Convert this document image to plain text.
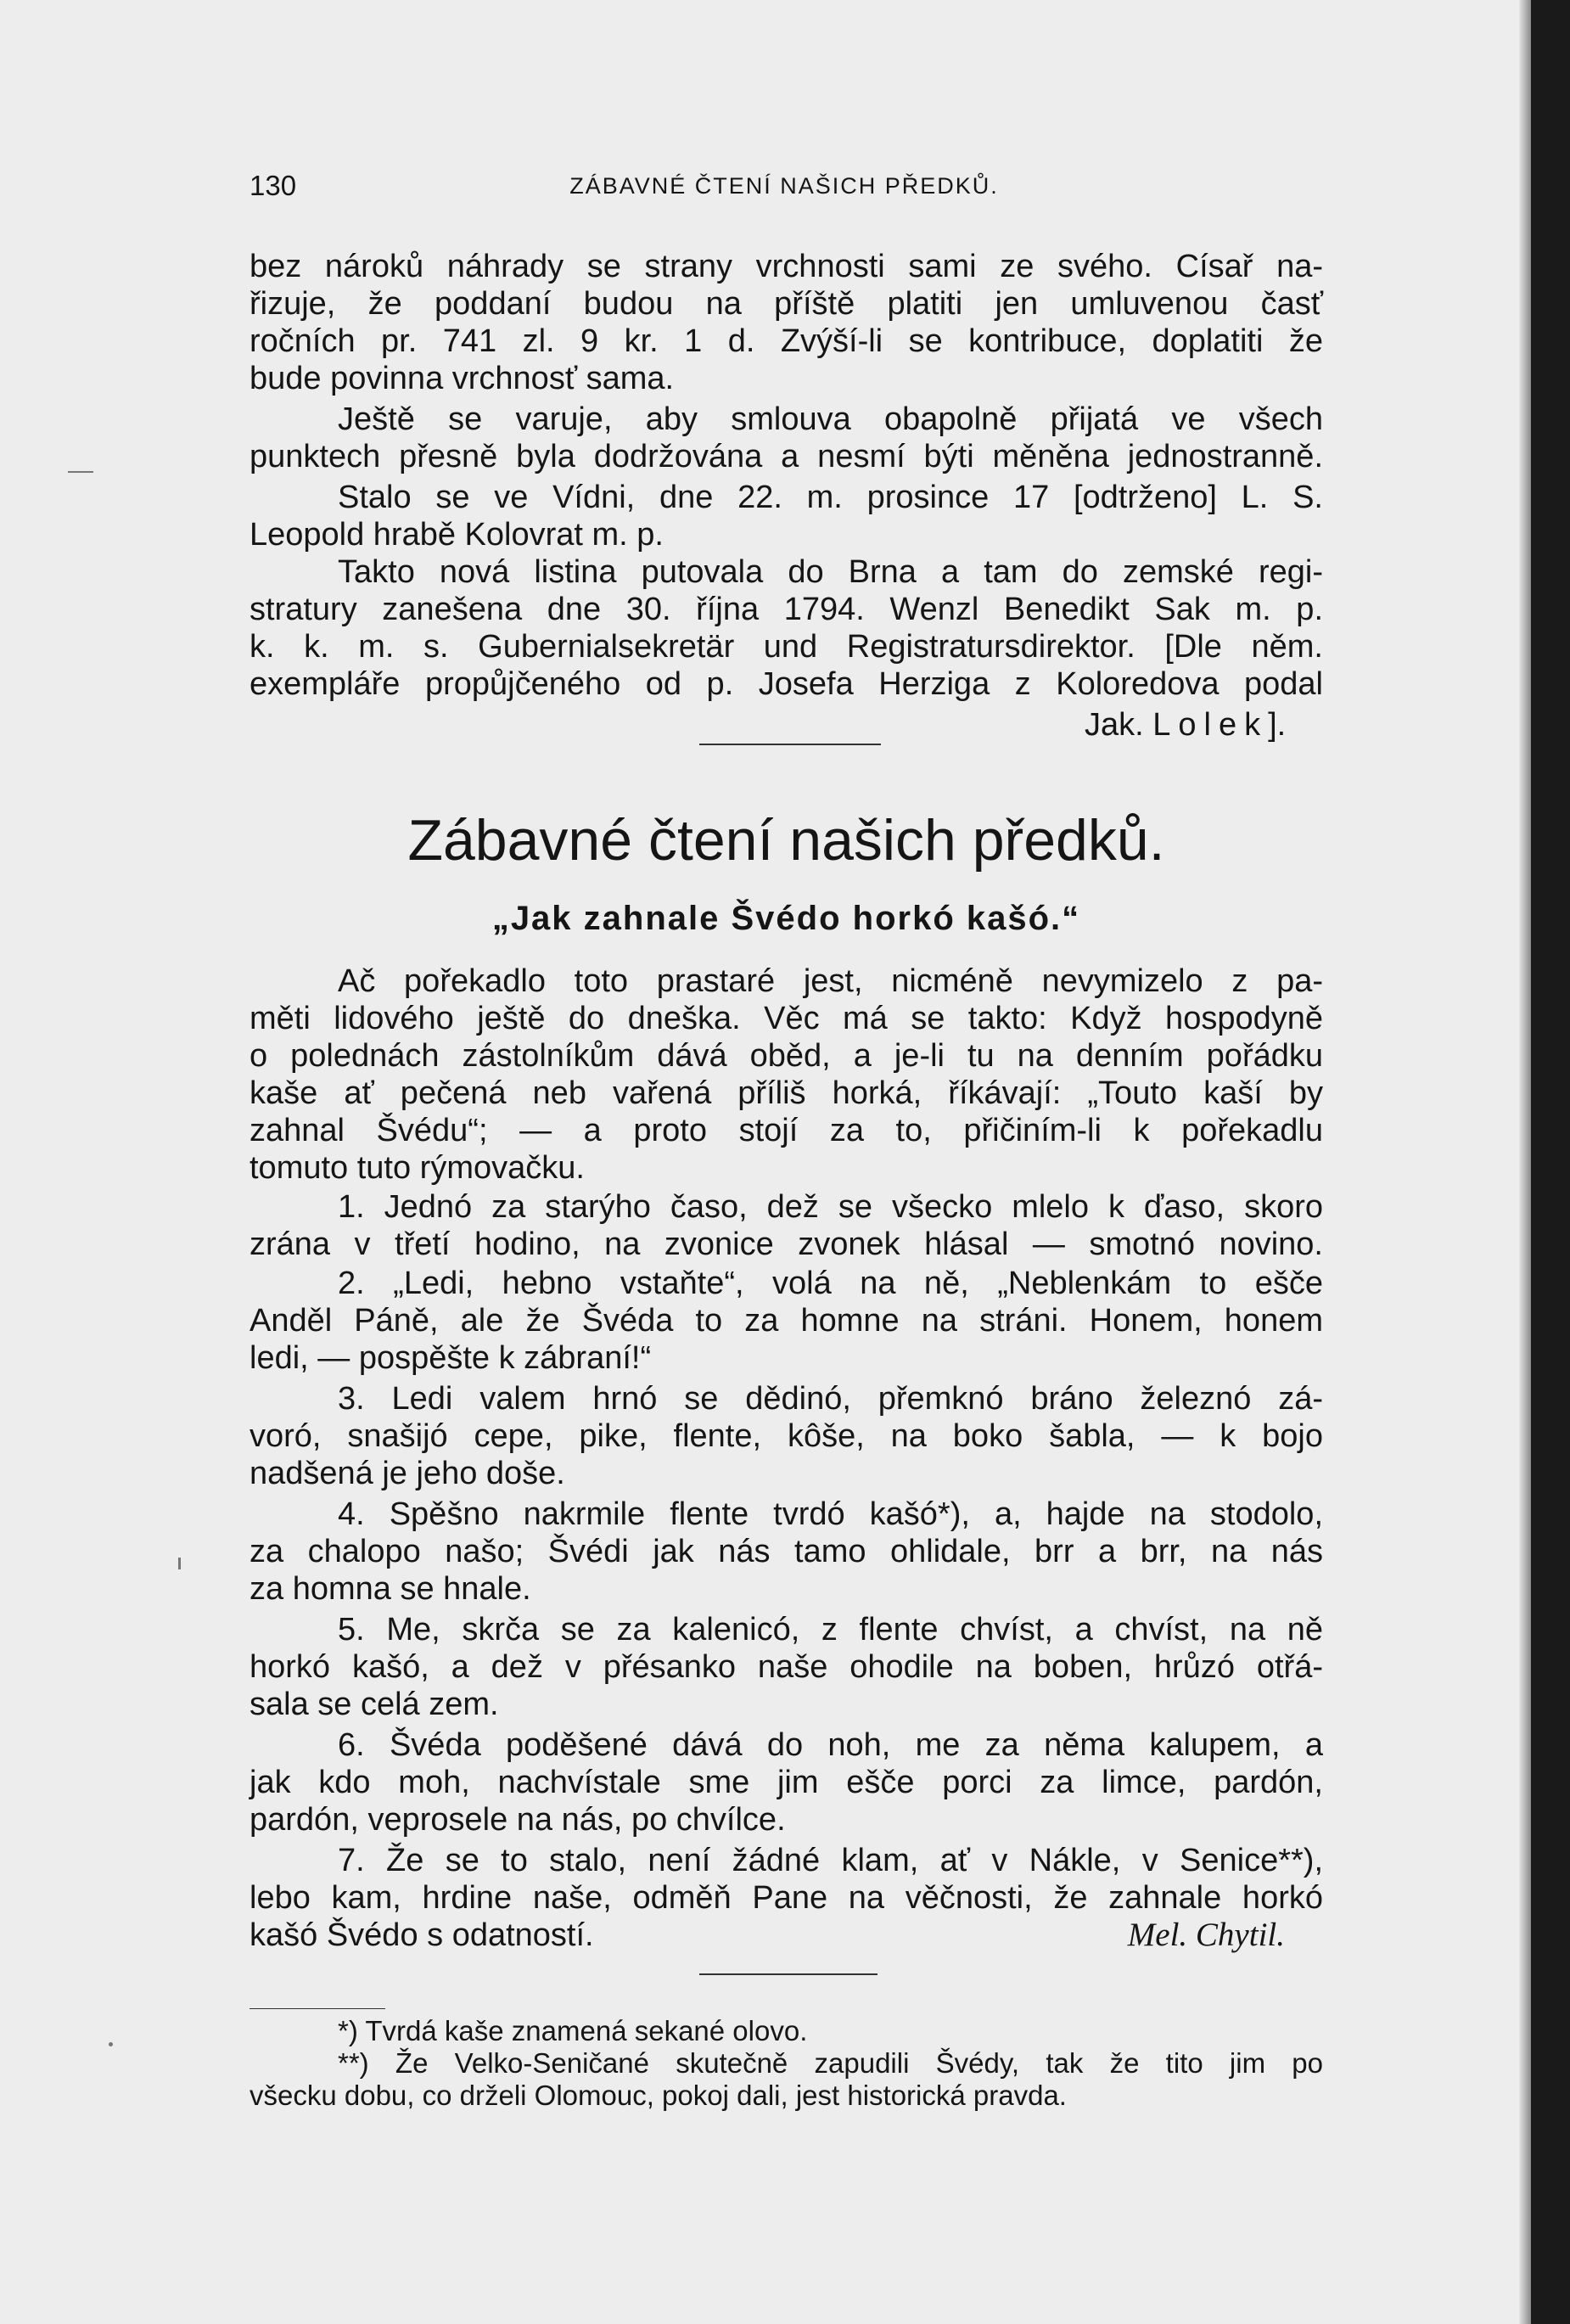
130	ZÁBAVNÉ ČTENÍ NAŠICH PŘEDKŮ.
bez nároků náhrady se strany vrchnosti sami ze svého. Císař na-
řizuje, že poddaní budou na příště platiti jen umluvenou časť
ročních pr. 741 zl. 9 kr. 1 d. Zvýší-li se kontribuce, doplatiti že
bude povinna vrchnosť sama.
Ještě se varuje, aby smlouva obapolně přijatá ve všech
punktech přesně byla dodržována a nesmí býti měněna jednostranně.
Stalo se ve Vídni, dne 22. m. prosince 17 [odtrženo] L. S.
Leopold hrabě Kolovrat m. p.
Takto nová listina putovala do Brna a tam do zemské regi-
stratury zanešena dne 30. října 1794. Wenzl Benedikt Sak m. p.
k. k. m. s. Gubernialsekretär und Registratursdirektor. [Dle něm.
exempláře propůjčeného od p. Josefa Herziga z Koloredova podal
Jak. Lolek].
Zábavné čtení našich předků.
„Jak zahnale Švédo horkó kašó.“
Ač pořekadlo toto prastaré jest, nicméně nevymizelo z pa-
měti lidového ještě do dneška. Věc má se takto: Když hospodyně
o polednách zástolníkům dává oběd, a je-li tu na denním pořádku
kaše ať pečená neb vařená příliš horká, říkávají: „Touto kaší by
zahnal Švédu“; — a proto stojí za to, přičiním-li k pořekadlu
tomuto tuto rýmovačku.
1. Jednó za starýho časo, dež se všecko mlelo k ďaso, skoro
zrána v třetí hodino, na zvonice zvonek hlásal — smotnó novino.
2. „Ledi, hebno vstaňte“, volá na ně, „Neblenkám to ešče
Anděl Páně, ale že Švéda to za homne na stráni. Honem, honem
ledi, — pospěšte k zábraní!“
3. Ledi valem hrnó se dědinó, přemknó bráno železnó zá-
voró, snašijó cepe, pike, flente, kôše, na boko šabla, — k bojo
nadšená je jeho doše.
4. Spěšno nakrmile flente tvrdó kašó*), a, hajde na stodolo,
za chalopo našo; Švédi jak nás tamo ohlidale, brr a brr, na nás
za homna se hnale.
5. Me, skrča se za kalenicó, z flente chvíst, a chvíst, na ně
horkó kašó, a dež v přésanko naše ohodile na boben, hrůzó otřá-
sala se celá zem.
6. Švéda poděšené dává do noh, me za něma kalupem, a
jak kdo moh, nachvístale sme jim ešče porci za limce, pardón,
pardón, veprosele na nás, po chvílce.
7. Že se to stalo, není žádné klam, ať v Nákle, v Senice**),
lebo kam, hrdine naše, odměň Pane na věčnosti, že zahnale horkó
kašó Švédo s odatností.	Mel. Chytil.
*) Tvrdá kaše znamená sekané olovo.
**) Že Velko-Seničané skutečně zapudili Švédy, tak že tito jim po
všecku dobu, co drželi Olomouc, pokoj dali, jest historická pravda.
